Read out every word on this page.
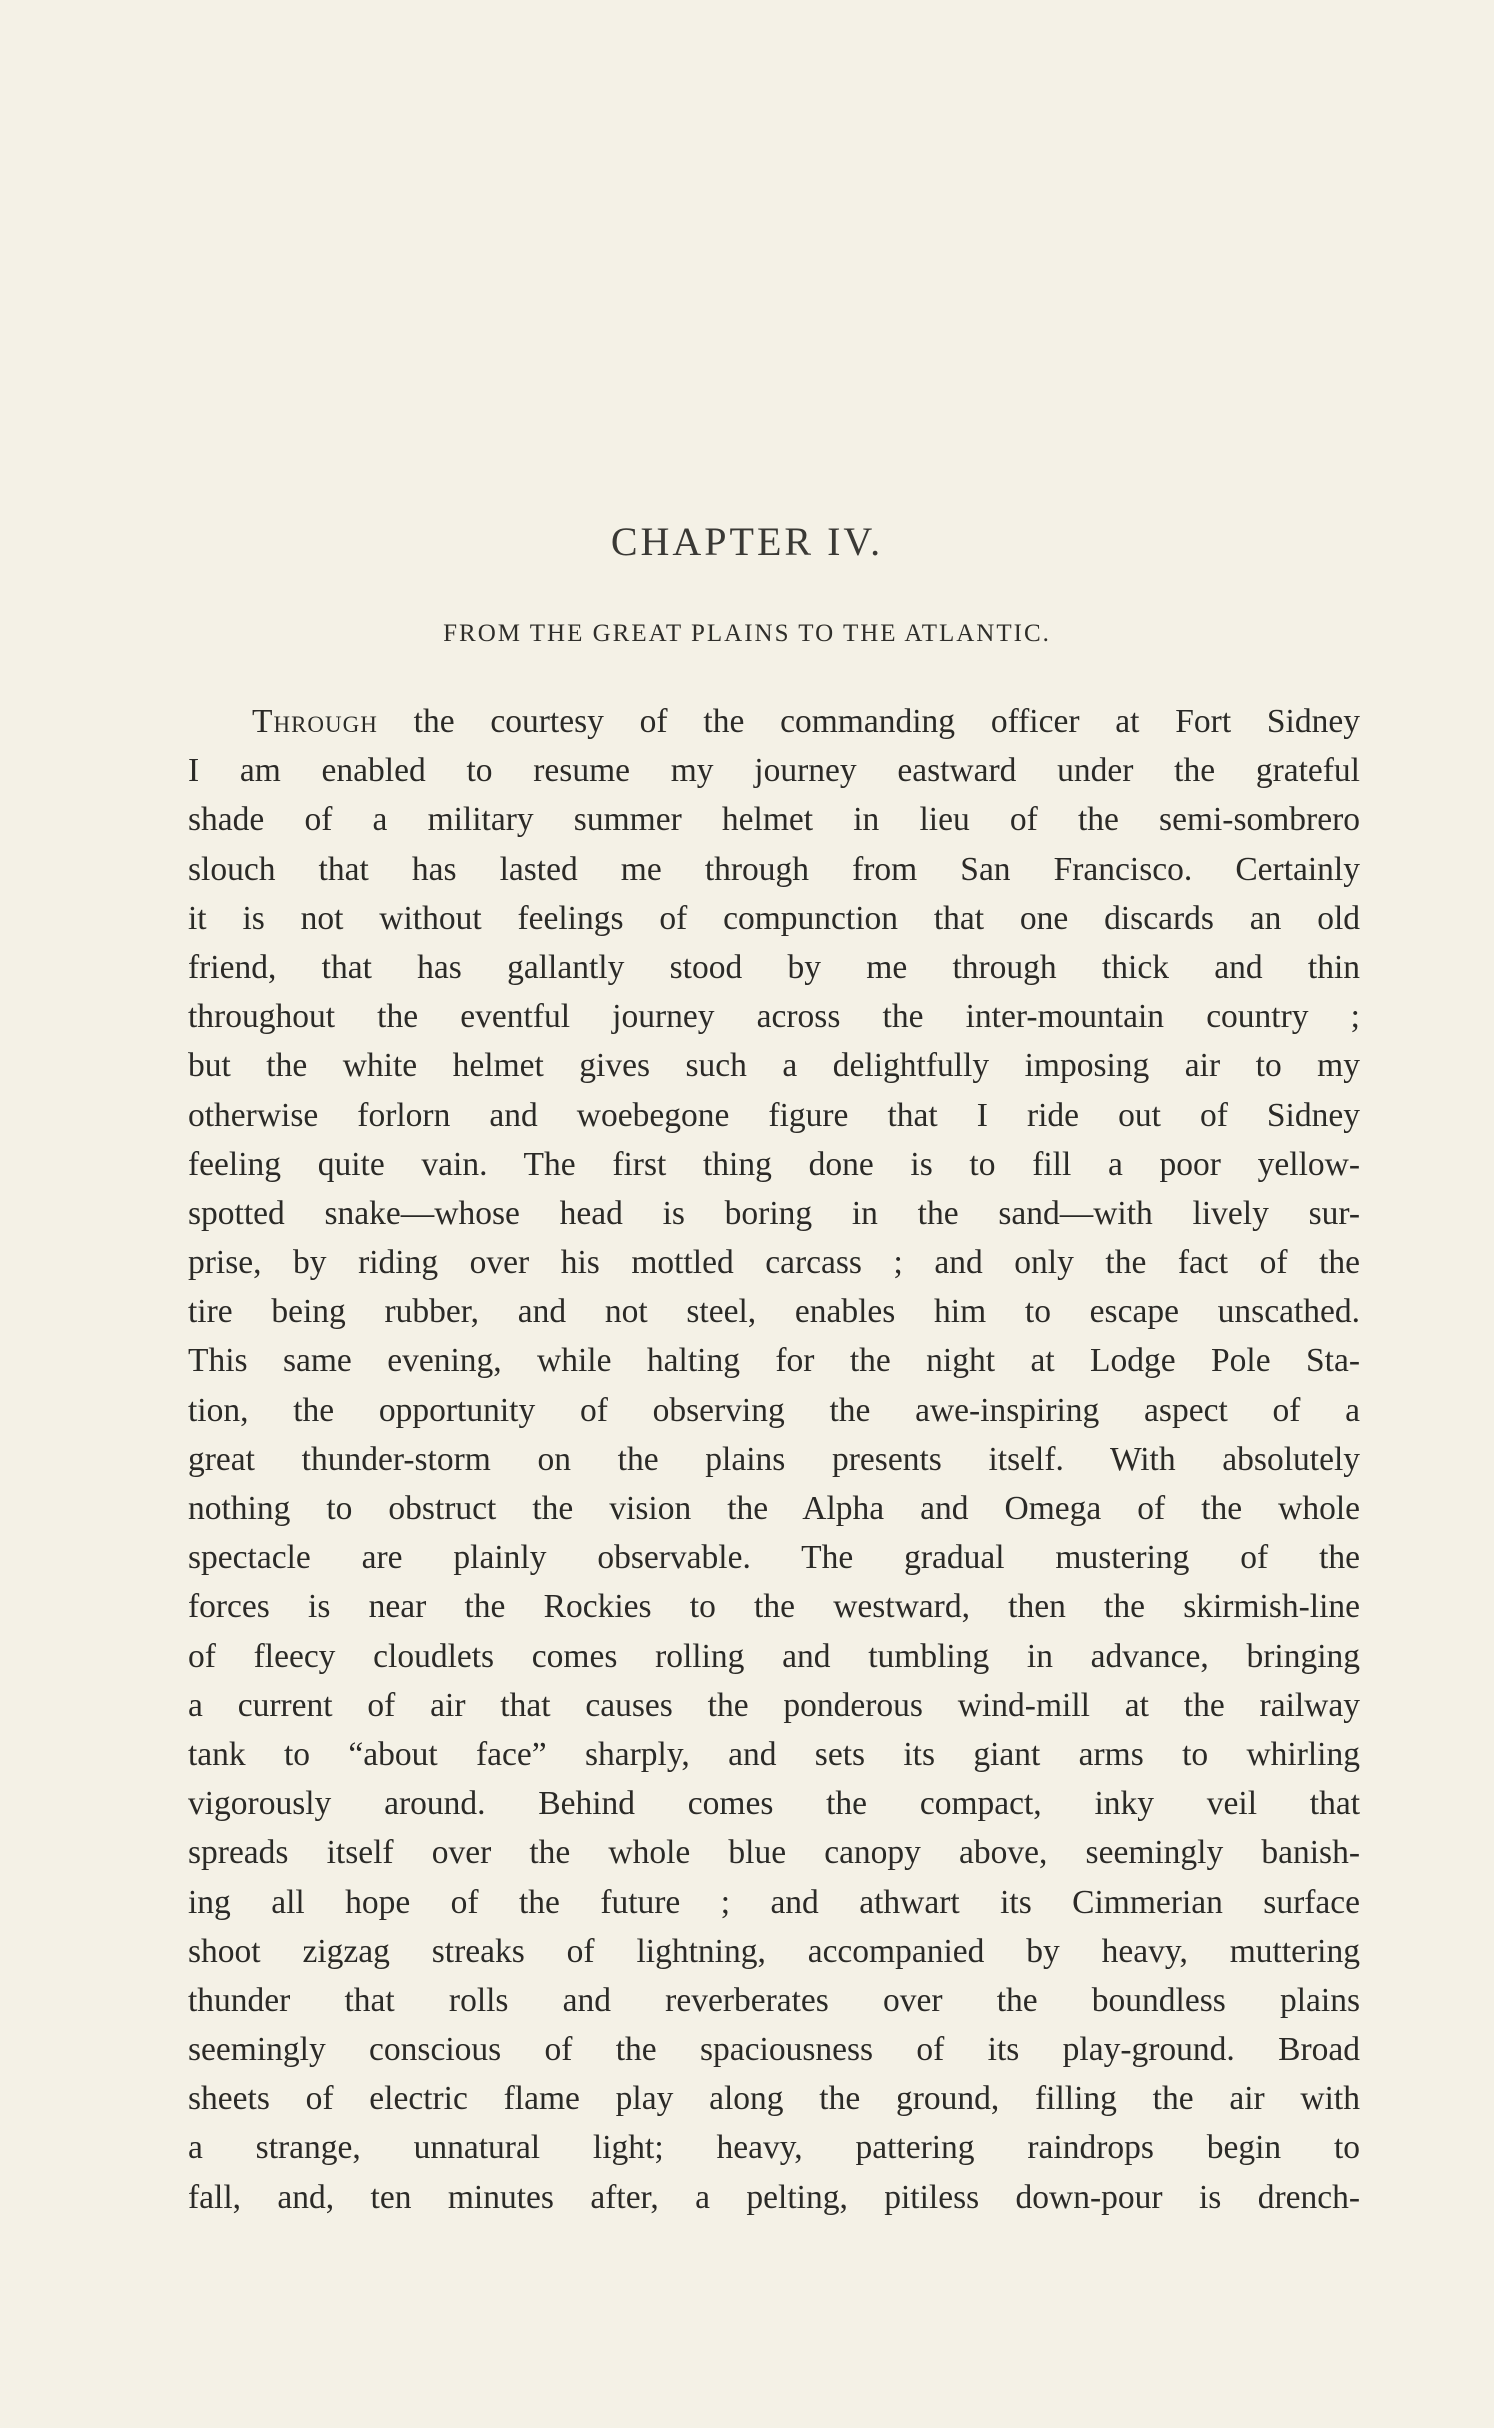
CHAPTER IV.
FROM THE GREAT PLAINS TO THE ATLANTIC.
Through the courtesy of the commanding officer at Fort Sidney
I am enabled to resume my journey eastward under the grateful
shade of a military summer helmet in lieu of the semi-sombrero
slouch that has lasted me through from San Francisco. Certainly
it is not without feelings of compunction that one discards an old
friend, that has gallantly stood by me through thick and thin
throughout the eventful journey across the inter-mountain country ;
but the white helmet gives such a delightfully imposing air to my
otherwise forlorn and woebegone figure that I ride out of Sidney
feeling quite vain. The first thing done is to fill a poor yellow-
spotted snake—whose head is boring in the sand—with lively sur-
prise, by riding over his mottled carcass ; and only the fact of the
tire being rubber, and not steel, enables him to escape unscathed.
This same evening, while halting for the night at Lodge Pole Sta-
tion, the opportunity of observing the awe-inspiring aspect of a
great thunder-storm on the plains presents itself. With absolutely
nothing to obstruct the vision the Alpha and Omega of the whole
spectacle are plainly observable. The gradual mustering of the
forces is near the Rockies to the westward, then the skirmish-line
of fleecy cloudlets comes rolling and tumbling in advance, bringing
a current of air that causes the ponderous wind-mill at the railway
tank to “about face” sharply, and sets its giant arms to whirling
vigorously around. Behind comes the compact, inky veil that
spreads itself over the whole blue canopy above, seemingly banish-
ing all hope of the future ; and athwart its Cimmerian surface
shoot zigzag streaks of lightning, accompanied by heavy, muttering
thunder that rolls and reverberates over the boundless plains
seemingly conscious of the spaciousness of its play-ground. Broad
sheets of electric flame play along the ground, filling the air with
a strange, unnatural light; heavy, pattering raindrops begin to
fall, and, ten minutes after, a pelting, pitiless down-pour is drench-
